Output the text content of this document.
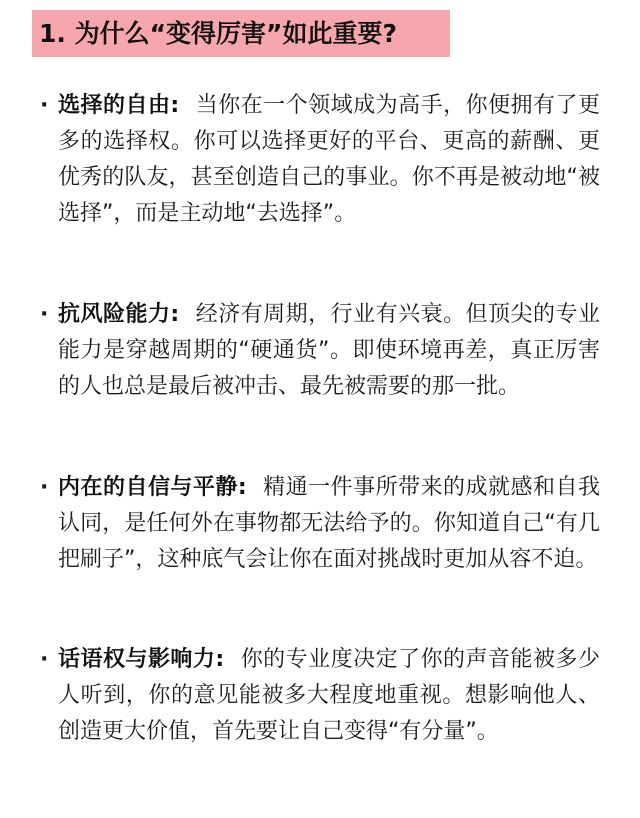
1. 为什么“变得厉害”如此重要?
· 选择的自由: 当你在一个领域成为高手，你便拥有了更多的选择权。你可以选择更好的平台、更高的薪酬、更优秀的队友，甚至创造自己的事业。你不再是被动地“被选择”，而是主动地“去选择”。
· 抗风险能力: 经济有周期，行业有兴衰。但顶尖的专业能力是穿越周期的“硬通货”。即使环境再差，真正厉害的人也总是最后被冲击、最先被需要的那一批。
· 内在的自信与平静: 精通一件事所带来的成就感和自我认同，是任何外在事物都无法给予的。你知道自己“有几把刷子”，这种底气会让你在面对挑战时更加从容不迫。
· 话语权与影响力: 你的专业度决定了你的声音能被多少人听到，你的意见能被多大程度地重视。想影响他人、创造更大价值，首先要让自己变得“有分量”。
